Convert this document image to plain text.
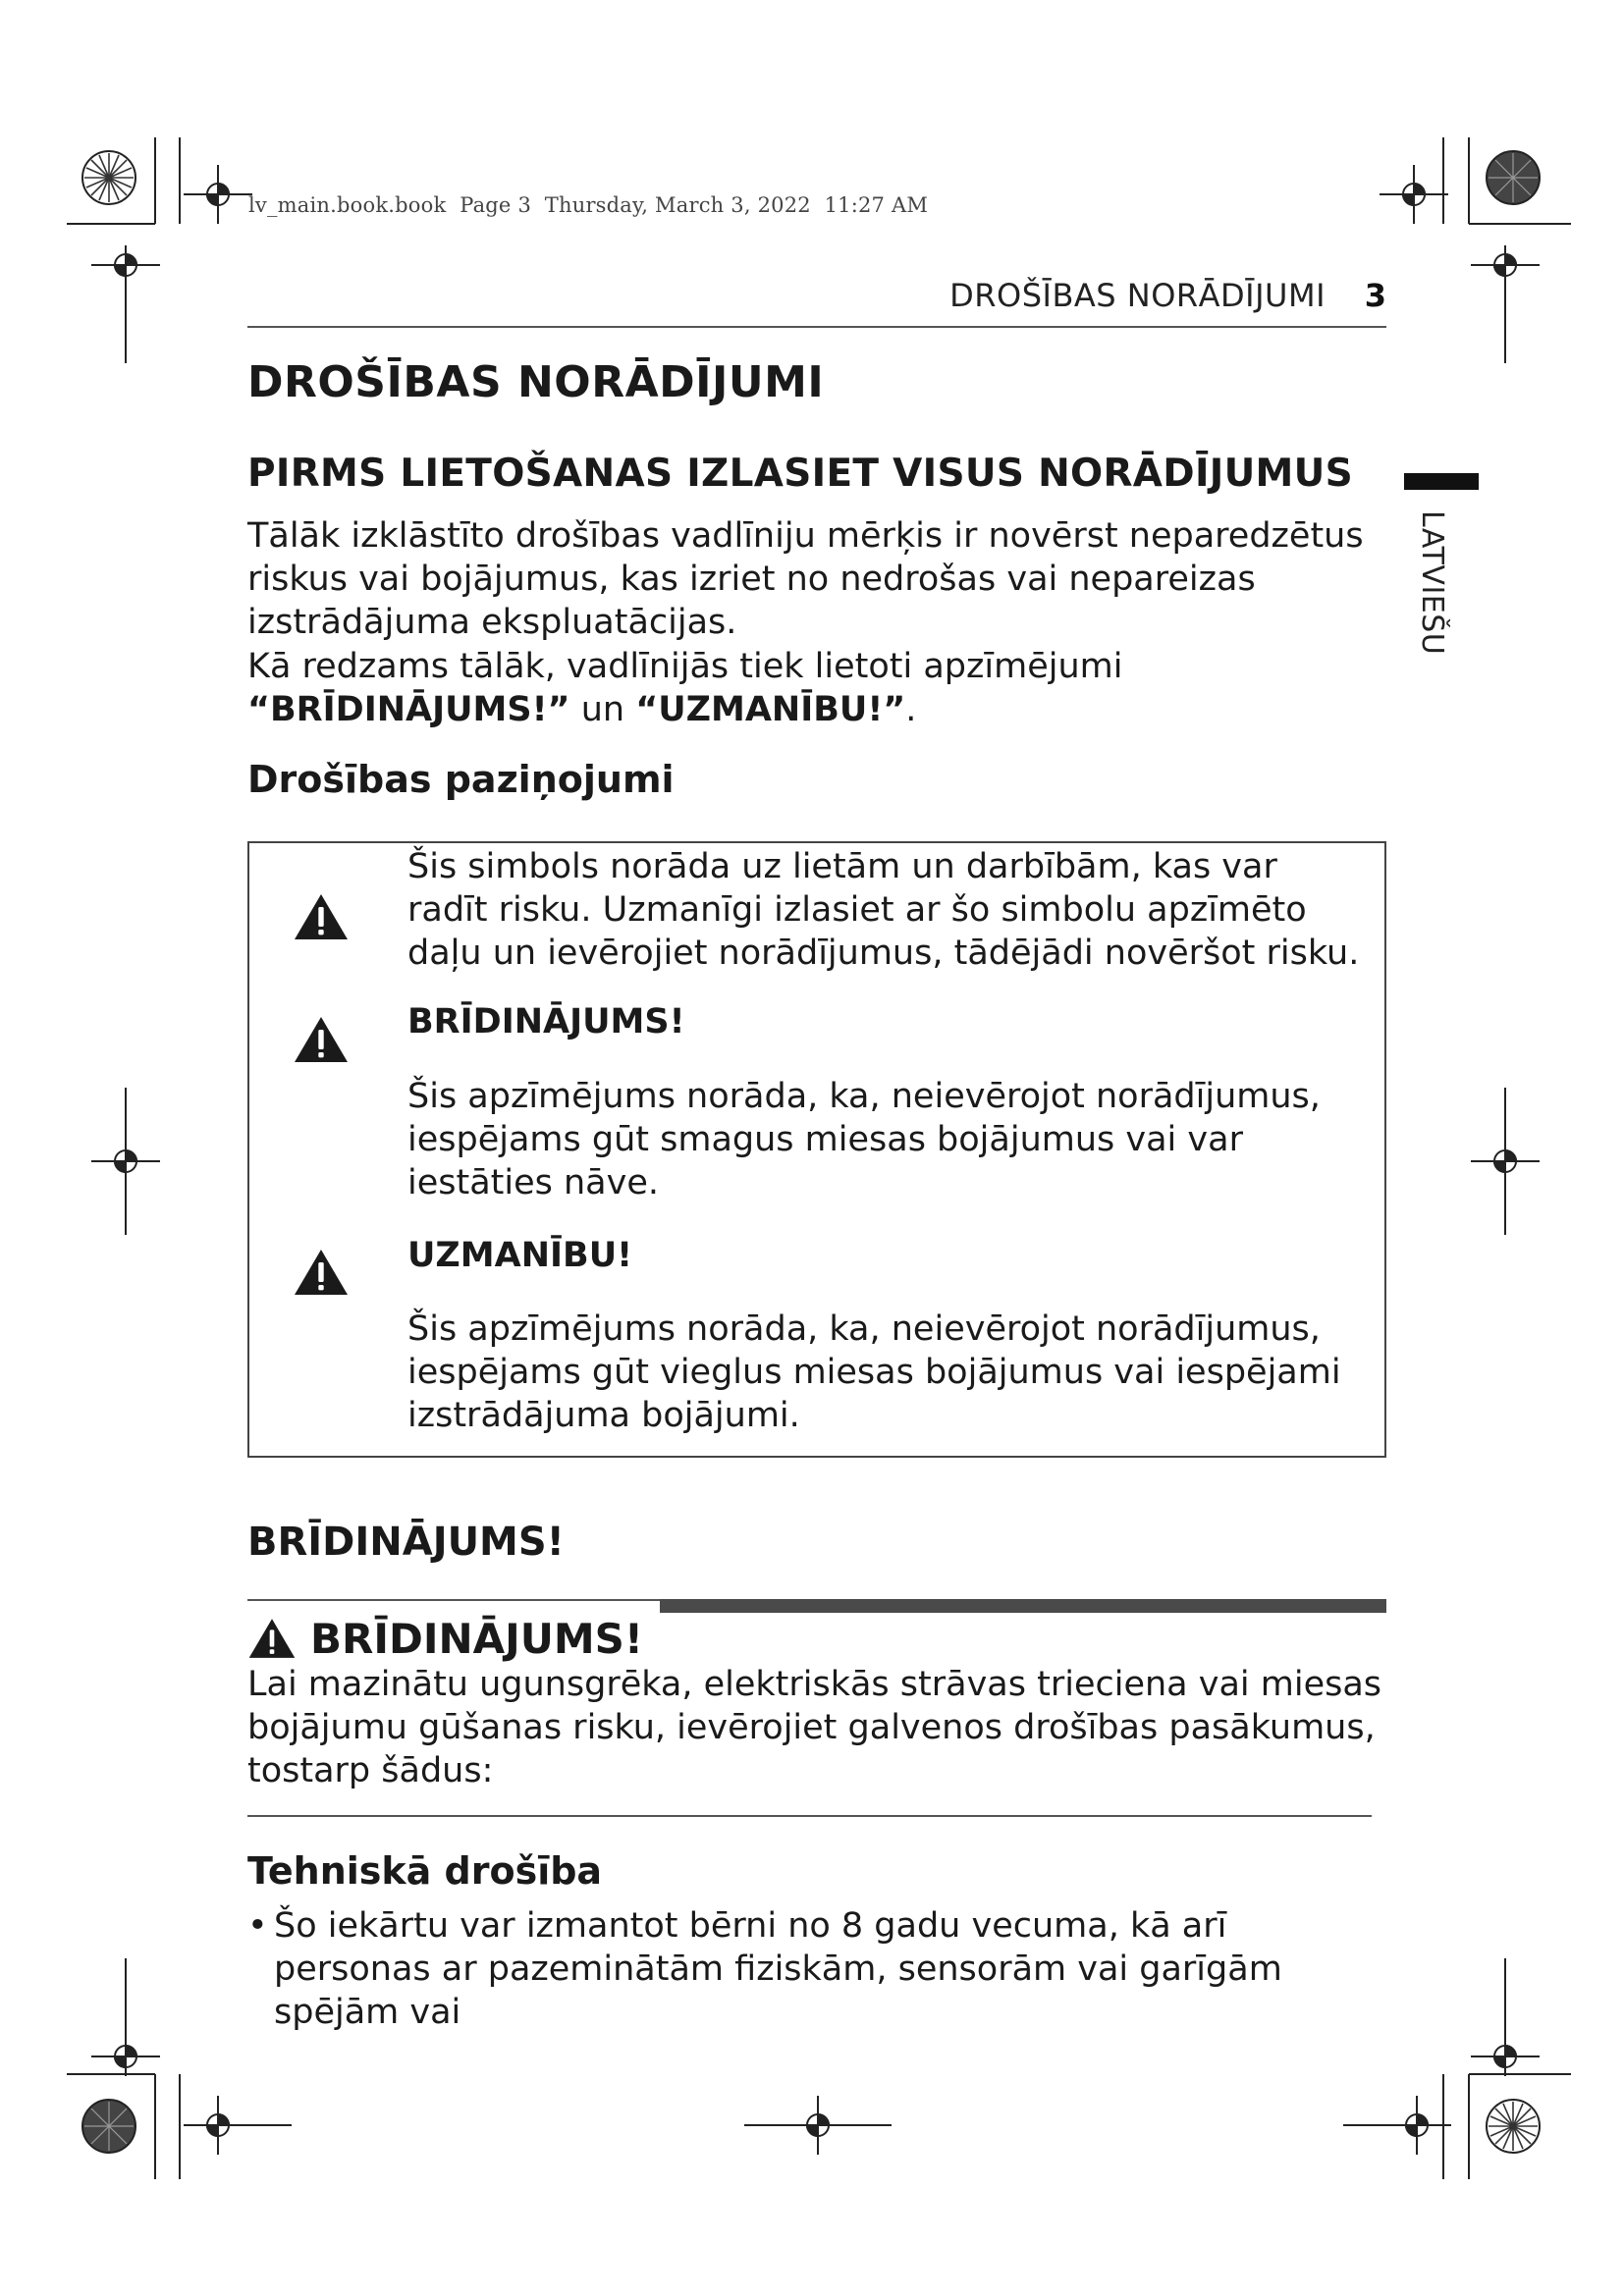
lv_main.book.book Page 3 Thursday, March 3, 2022 11:27 AM
DROŠĪBAS NORĀDĪJUMI 3
LATVIEŠU
DROŠĪBAS NORĀDĪJUMI
PIRMS LIETOŠANAS IZLASIET VISUS NORĀDĪJUMUS

Tālāk izklāstīto drošības vadlīniju mērķis ir novērst neparedzētus riskus vai bojājumus, kas izriet no nedrošas vai nepareizas izstrādājuma ekspluatācijas.

Kā redzams tālāk, vadlīnijās tiek lietoti apzīmējumi “BRĪDINĀJUMS!” un “UZMANĪBU!”.

Drošības paziņojumi
Šis simbols norāda uz lietām un darbībām, kas var radīt risku. Uzmanīgi izlasiet ar šo simbolu apzīmēto daļu un ievērojiet norādījumus, tādējādi novēršot risku.
BRĪDINĀJUMS!
Šis apzīmējums norāda, ka, neievērojot norādījumus, iespējams gūt smagus miesas bojājumus vai var iestāties nāve.
UZMANĪBU!
Šis apzīmējums norāda, ka, neievērojot norādījumus, iespējams gūt vieglus miesas bojājumus vai iespējami izstrādājuma bojājumi.
BRĪDINĀJUMS!
BRĪDINĀJUMS!

Lai mazinātu ugunsgrēka, elektriskās strāvas trieciena vai miesas bojājumu gūšanas risku, ievērojiet galvenos drošības pasākumus, tostarp šādus:

Tehniskā drošība
• Šo iekārtu var izmantot bērni no 8 gadu vecuma, kā arī personas ar pazeminātām fiziskām, sensorām vai garīgām spējām vai
